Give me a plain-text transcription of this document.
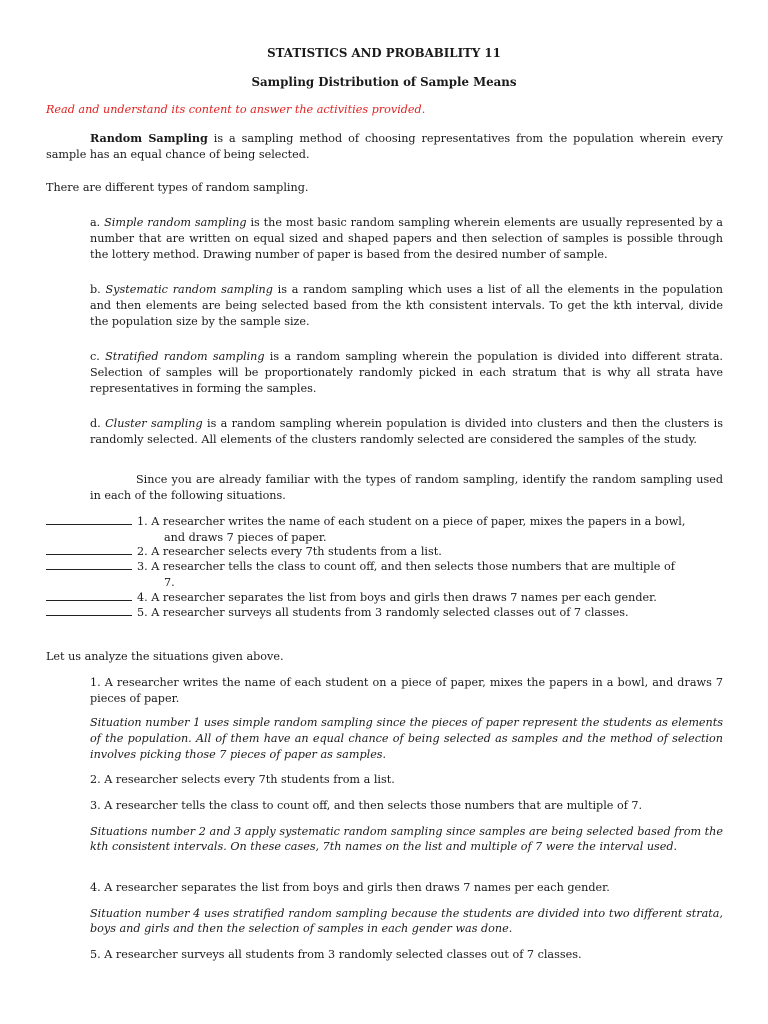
STATISTICS AND PROBABILITY 11

Sampling Distribution of Sample Means

Read and understand its content to answer the activities provided.

Random Sampling is a sampling method of choosing representatives from the population wherein every sample has an equal chance of being selected.

There are different types of random sampling.

a. Simple random sampling is the most basic random sampling wherein elements are usually represented by a number that are written on equal sized and shaped papers and then selection of samples is possible through the lottery method. Drawing number of paper is based from the desired number of sample.

b. Systematic random sampling is a random sampling which uses a list of all the elements in the population and then elements are being selected based from the kth consistent intervals. To get the kth interval, divide the population size by the sample size.

c. Stratified random sampling is a random sampling wherein the population is divided into different strata. Selection of samples will be proportionately randomly picked in each stratum that is why all strata have representatives in forming the samples.

d. Cluster sampling is a random sampling wherein population is divided into clusters and then the clusters is randomly selected. All elements of the clusters randomly selected are considered the samples of the study.

Since you are already familiar with the types of random sampling, identify the random sampling used in each of the following situations.

1. A researcher writes the name of each student on a piece of paper, mixes the papers in a bowl,
and draws 7 pieces of paper.

2. A researcher selects every 7th students from a list.

3. A researcher tells the class to count off, and then selects those numbers that are multiple of
7.

4. A researcher separates the list from boys and girls then draws 7 names per each gender.

5. A researcher surveys all students from 3 randomly selected classes out of 7 classes.

Let us analyze the situations given above.

1. A researcher writes the name of each student on a piece of paper, mixes the papers in a bowl, and draws 7 pieces of paper.

Situation number 1 uses simple random sampling since the pieces of paper represent the students as elements of the population. All of them have an equal chance of being selected as samples and the method of selection involves picking those 7 pieces of paper as samples.

2. A researcher selects every 7th students from a list.

3. A researcher tells the class to count off, and then selects those numbers that are multiple of 7.

Situations number 2 and 3 apply systematic random sampling since samples are being selected based from the kth consistent intervals. On these cases, 7th names on the list and multiple of 7 were the interval used.

4. A researcher separates the list from boys and girls then draws 7 names per each gender.

Situation number 4 uses stratified random sampling because the students are divided into two different strata, boys and girls and then the selection of samples in each gender was done.

5. A researcher surveys all students from 3 randomly selected classes out of 7 classes.
